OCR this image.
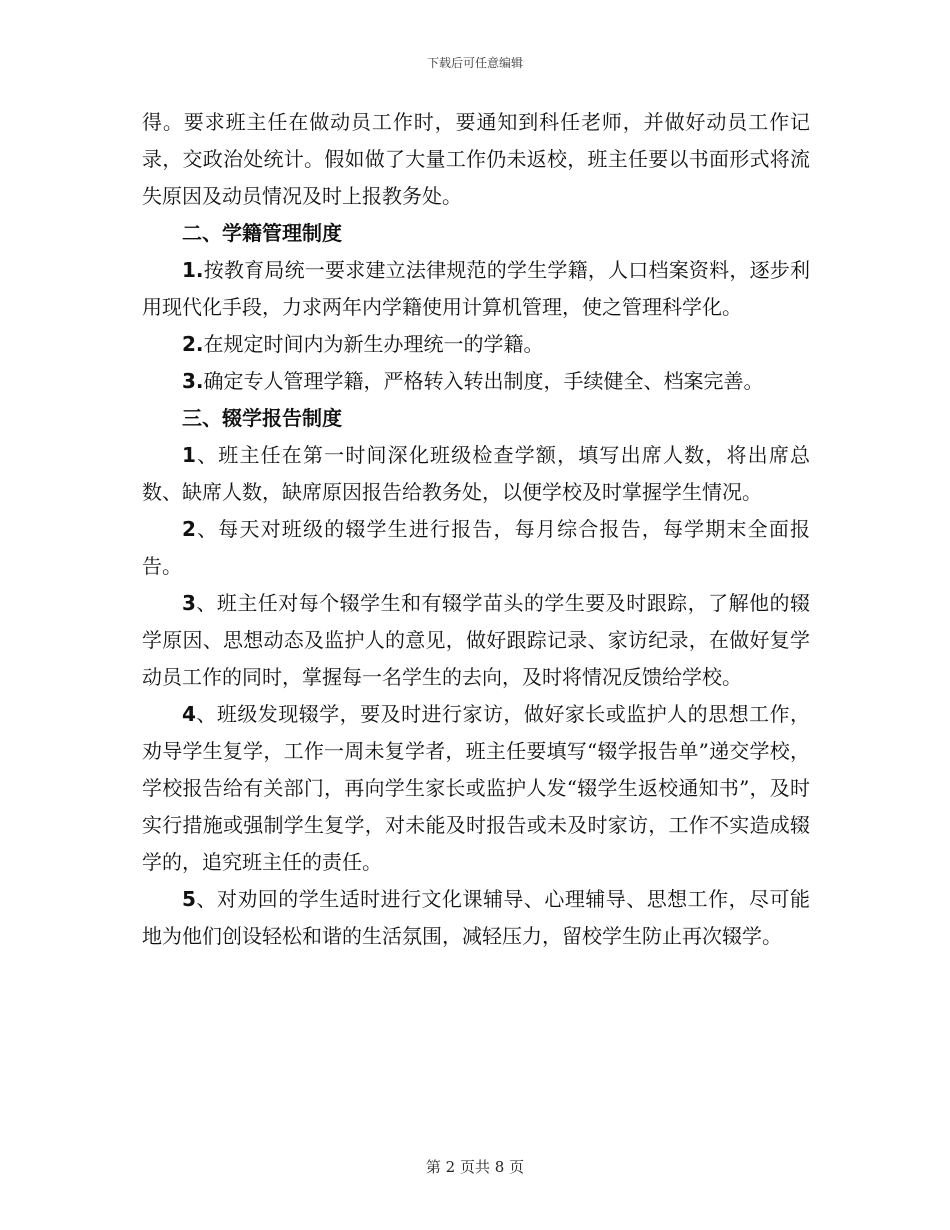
下载后可任意编辑

得。要求班主任在做动员工作时，要通知到科任老师，并做好动员工作记录，交政治处统计。假如做了大量工作仍未返校，班主任要以书面形式将流失原因及动员情况及时上报教务处。

二、学籍管理制度

1.按教育局统一要求建立法律规范的学生学籍，人口档案资料，逐步利用现代化手段，力求两年内学籍使用计算机管理，使之管理科学化。

2.在规定时间内为新生办理统一的学籍。

3.确定专人管理学籍，严格转入转出制度，手续健全、档案完善。

三、辍学报告制度

1、班主任在第一时间深化班级检查学额，填写出席人数，将出席总数、缺席人数，缺席原因报告给教务处，以便学校及时掌握学生情况。

2、每天对班级的辍学生进行报告，每月综合报告，每学期末全面报告。

3、班主任对每个辍学生和有辍学苗头的学生要及时跟踪，了解他的辍学原因、思想动态及监护人的意见，做好跟踪记录、家访纪录，在做好复学动员工作的同时，掌握每一名学生的去向，及时将情况反馈给学校。

4、班级发现辍学，要及时进行家访，做好家长或监护人的思想工作，劝导学生复学，工作一周未复学者，班主任要填写“辍学报告单”递交学校，学校报告给有关部门，再向学生家长或监护人发“辍学生返校通知书”，及时实行措施或强制学生复学，对未能及时报告或未及时家访，工作不实造成辍学的，追究班主任的责任。

5、对劝回的学生适时进行文化课辅导、心理辅导、思想工作，尽可能地为他们创设轻松和谐的生活氛围，减轻压力，留校学生防止再次辍学。

第 2 页共 8 页
